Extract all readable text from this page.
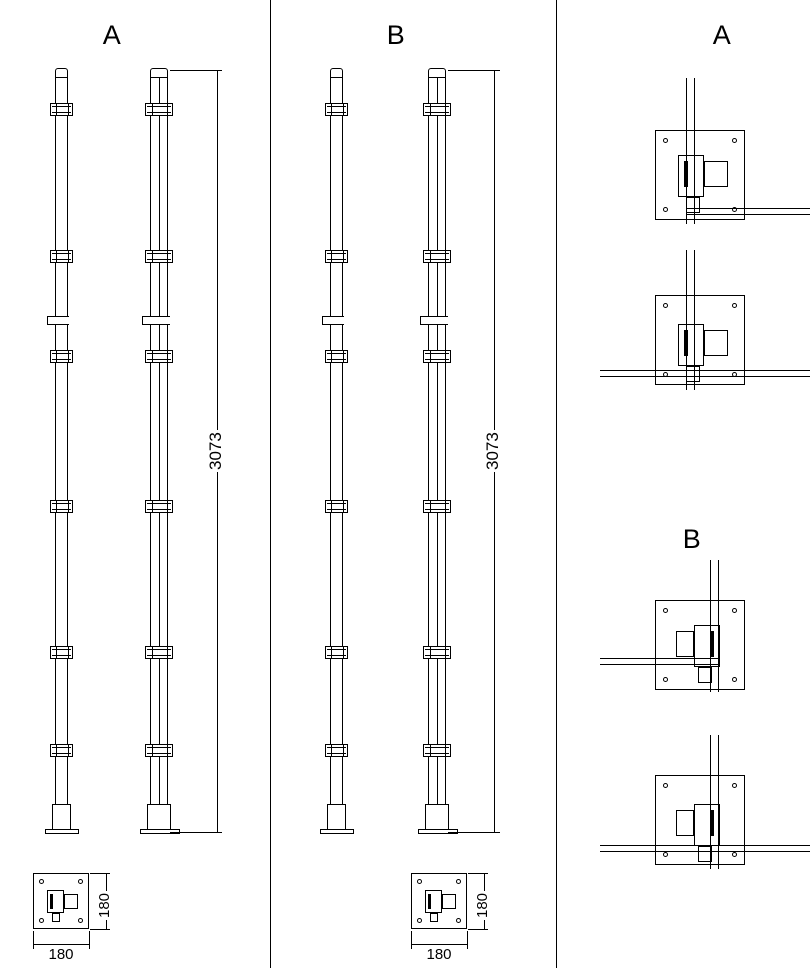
A	B	A
B
3073	3073
180
180
180
180
